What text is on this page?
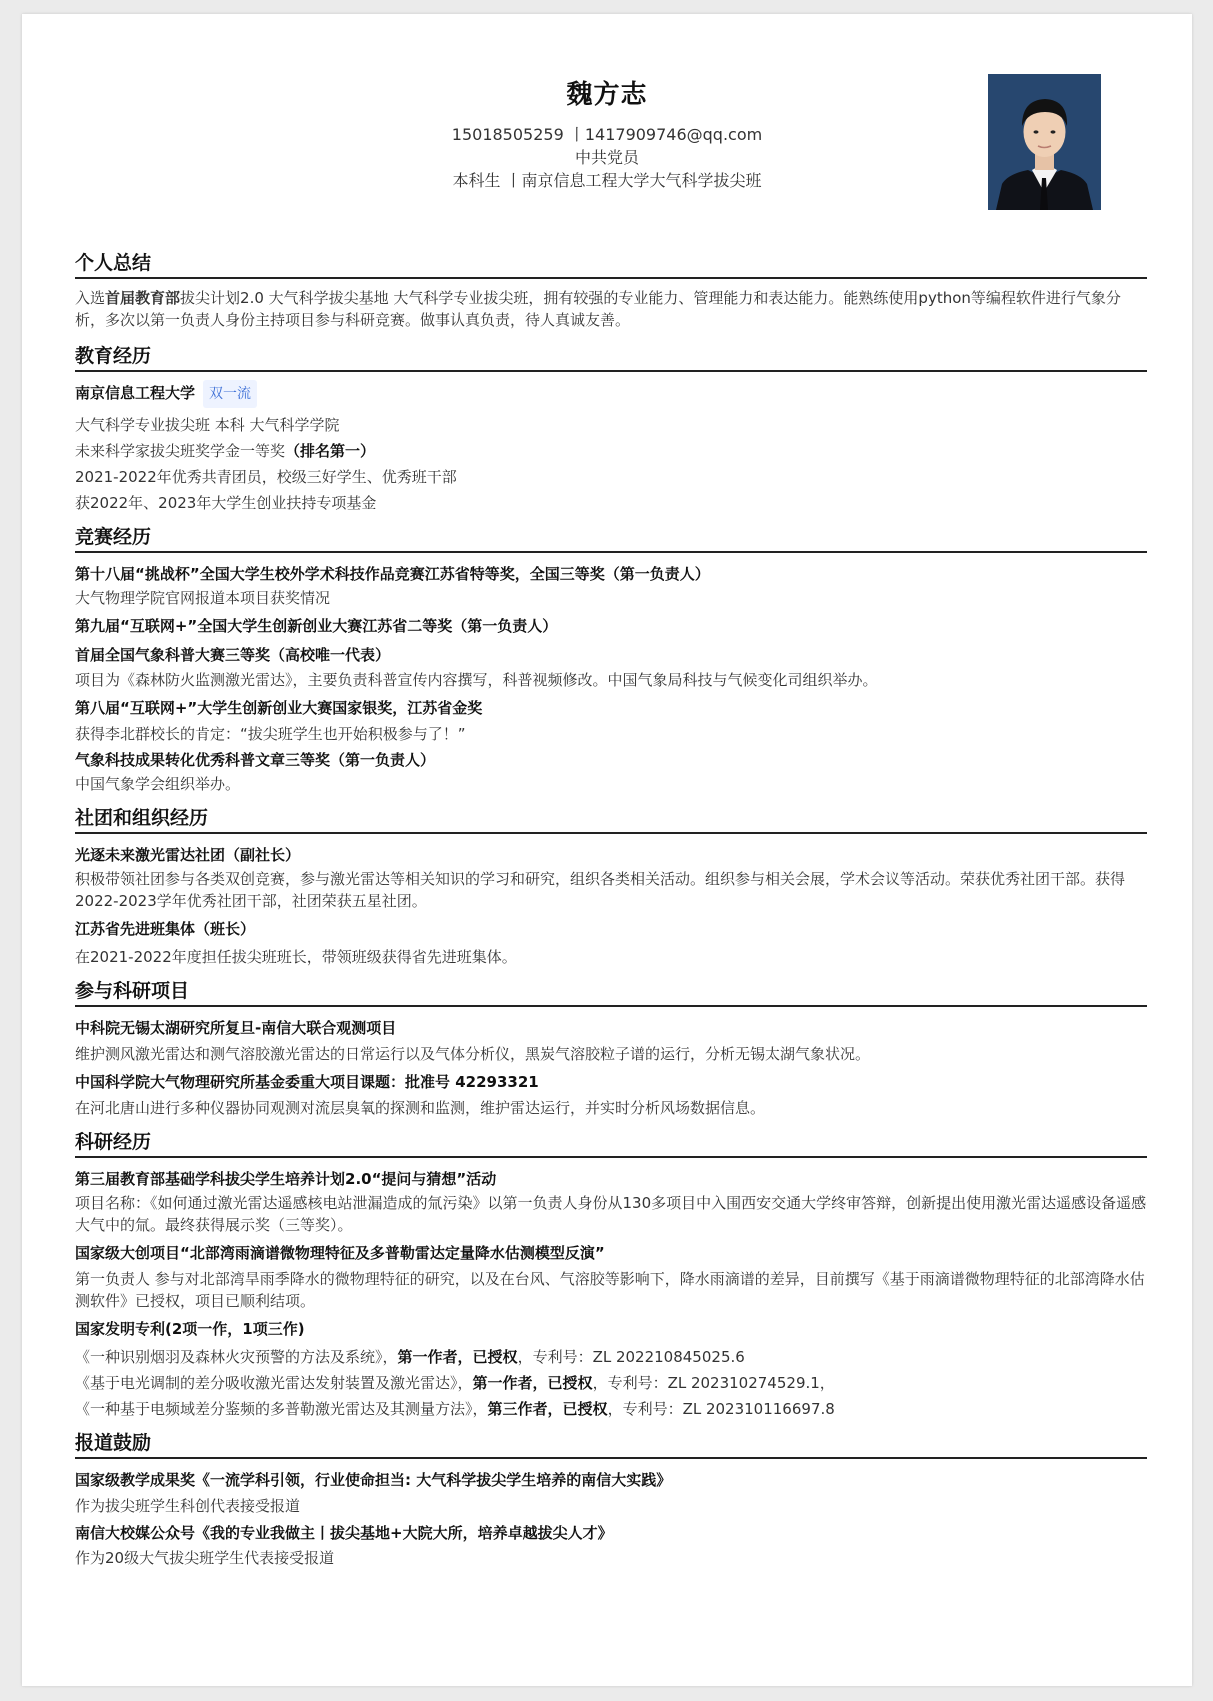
魏方志
15018505259 丨1417909746@qq.com
中共党员
本科生 丨南京信息工程大学大气科学拔尖班
个人总结
入选首届教育部拔尖计划2.0 大气科学拔尖基地 大气科学专业拔尖班，拥有较强的专业能力、管理能力和表达能力。能熟练使用python等编程软件进行气象分析，多次以第一负责人身份主持项目参与科研竞赛。做事认真负责，待人真诚友善。
教育经历
南京信息工程大学 双一流
大气科学专业拔尖班 本科 大气科学学院
未来科学家拔尖班奖学金一等奖（排名第一）
2021-2022年优秀共青团员，校级三好学生、优秀班干部
获2022年、2023年大学生创业扶持专项基金
竞赛经历
第十八届“挑战杯”全国大学生校外学术科技作品竞赛江苏省特等奖，全国三等奖（第一负责人）
大气物理学院官网报道本项目获奖情况
第九届“互联网+”全国大学生创新创业大赛江苏省二等奖（第一负责人）
首届全国气象科普大赛三等奖（高校唯一代表）
项目为《森林防火监测激光雷达》，主要负责科普宣传内容撰写，科普视频修改。中国气象局科技与气候变化司组织举办。
第八届“互联网+”大学生创新创业大赛国家银奖，江苏省金奖
获得李北群校长的肯定：“拔尖班学生也开始积极参与了！”
气象科技成果转化优秀科普文章三等奖（第一负责人）
中国气象学会组织举办。
社团和组织经历
光逐未来激光雷达社团（副社长）
积极带领社团参与各类双创竞赛，参与激光雷达等相关知识的学习和研究，组织各类相关活动。组织参与相关会展，学术会议等活动。荣获优秀社团干部。获得2022-2023学年优秀社团干部，社团荣获五星社团。
江苏省先进班集体（班长）
在2021-2022年度担任拔尖班班长，带领班级获得省先进班集体。
参与科研项目
中科院无锡太湖研究所复旦-南信大联合观测项目
维护测风激光雷达和测气溶胶激光雷达的日常运行以及气体分析仪，黑炭气溶胶粒子谱的运行，分析无锡太湖气象状况。
中国科学院大气物理研究所基金委重大项目课题：批准号 42293321
在河北唐山进行多种仪器协同观测对流层臭氧的探测和监测，维护雷达运行，并实时分析风场数据信息。
科研经历
第三届教育部基础学科拔尖学生培养计划2.0“提问与猜想”活动
项目名称：《如何通过激光雷达遥感核电站泄漏造成的氚污染》以第一负责人身份从130多项目中入围西安交通大学终审答辩，创新提出使用激光雷达遥感设备遥感大气中的氚。最终获得展示奖（三等奖）。
国家级大创项目“北部湾雨滴谱微物理特征及多普勒雷达定量降水估测模型反演”
第一负责人 参与对北部湾旱雨季降水的微物理特征的研究，以及在台风、气溶胶等影响下，降水雨滴谱的差异，目前撰写《基于雨滴谱微物理特征的北部湾降水估测软件》已授权，项目已顺利结项。
国家发明专利(2项一作，1项三作)
《一种识别烟羽及森林火灾预警的方法及系统》，第一作者，已授权，专利号：ZL 202210845025.6
《基于电光调制的差分吸收激光雷达发射装置及激光雷达》，第一作者，已授权，专利号：ZL 202310274529.1，
《一种基于电频域差分鉴频的多普勒激光雷达及其测量方法》，第三作者，已授权，专利号：ZL 202310116697.8
报道鼓励
国家级教学成果奖《一流学科引领，行业使命担当: 大气科学拔尖学生培养的南信大实践》
作为拔尖班学生科创代表接受报道
南信大校媒公众号《我的专业我做主丨拔尖基地+大院大所，培养卓越拔尖人才》
作为20级大气拔尖班学生代表接受报道
